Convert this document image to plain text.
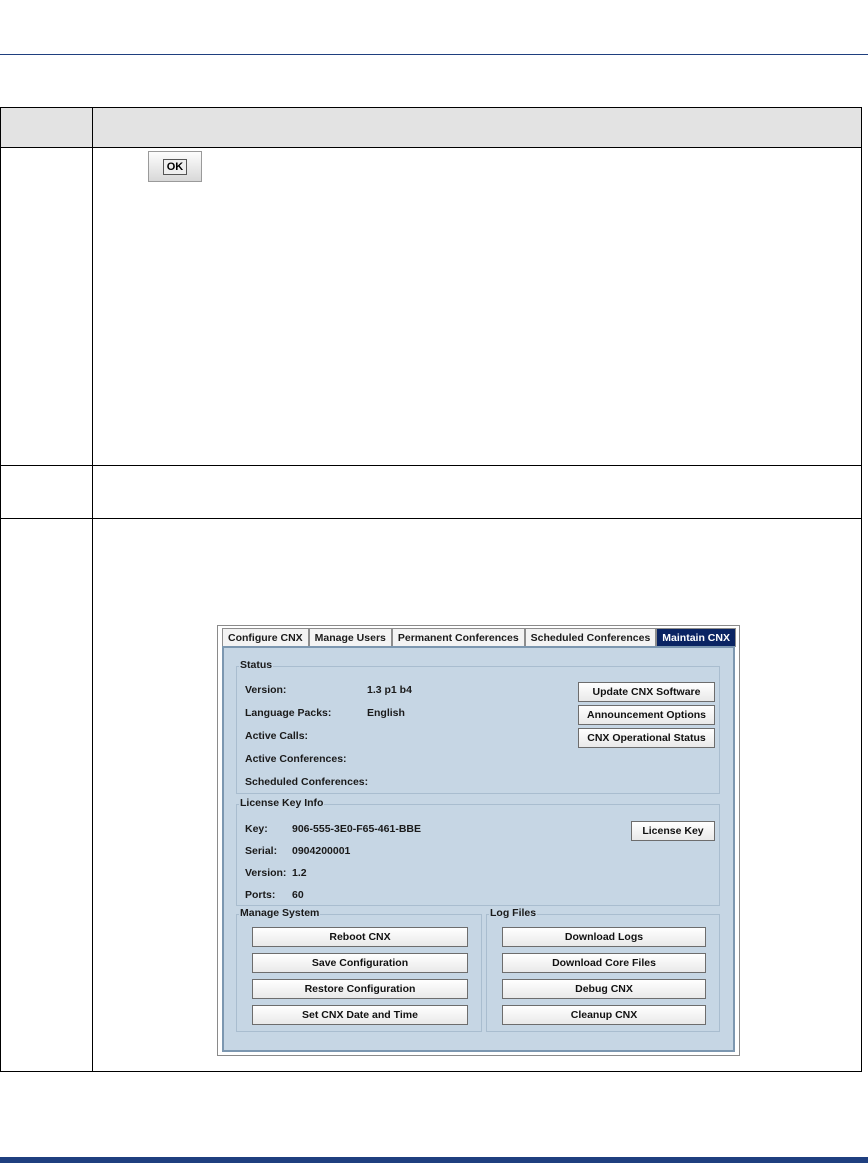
OK
Configure CNX	Manage Users	Permanent Conferences	Scheduled Conferences	Maintain CNX
Status
Version:	1.3 p1 b4
Language Packs:	English
Active Calls:
Active Conferences:
Scheduled Conferences:
Update CNX Software
Announcement Options
CNX Operational Status
License Key Info
Key: 906-555-3E0-F65-461-BBE
Serial: 0904200001
Version: 1.2
Ports: 60
License Key
Manage System
Reboot CNX
Save Configuration
Restore Configuration
Set CNX Date and Time
Log Files
Download Logs
Download Core Files
Debug CNX
Cleanup CNX
